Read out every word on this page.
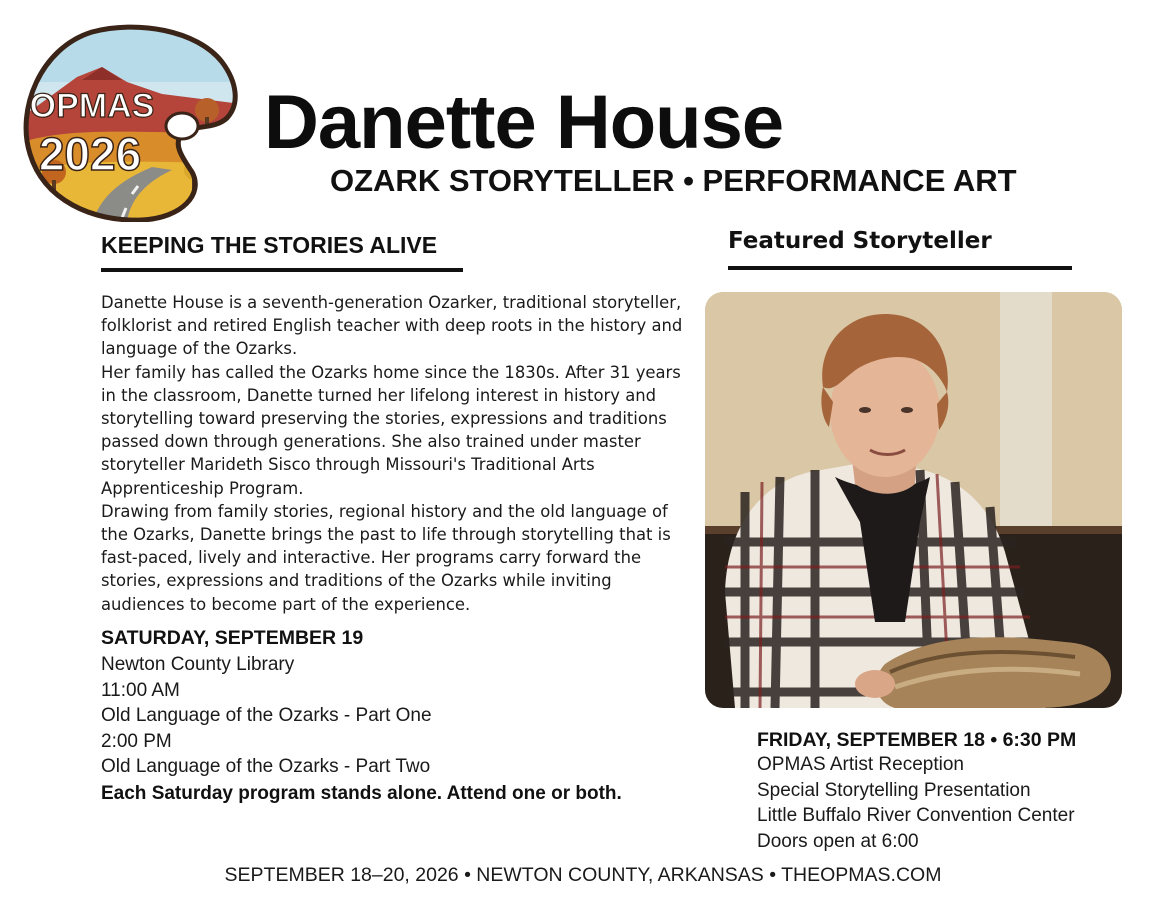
OPMAS
2026 Danette House
OZARK STORYTELLER • PERFORMANCE ART
KEEPING THE STORIES ALIVE

Danette House is a seventh-generation Ozarker, traditional storyteller, folklorist and retired English teacher with deep roots in the history and language of the Ozarks.

Her family has called the Ozarks home since the 1830s. After 31 years in the classroom, Danette turned her lifelong interest in history and storytelling toward preserving the stories, expressions and traditions passed down through generations. She also trained under master storyteller Marideth Sisco through Missouri's Traditional Arts Apprenticeship Program.

Drawing from family stories, regional history and the old language of the Ozarks, Danette brings the past to life through storytelling that is fast-paced, lively and interactive. Her programs carry forward the stories, expressions and traditions of the Ozarks while inviting audiences to become part of the experience.

SATURDAY, SEPTEMBER 19
Newton County Library
11:00 AM
Old Language of the Ozarks - Part One
2:00 PM
Old Language of the Ozarks - Part Two
Each Saturday program stands alone. Attend one or both.
Featured Storyteller
FRIDAY, SEPTEMBER 18 • 6:30 PM
OPMAS Artist Reception
Special Storytelling Presentation
Little Buffalo River Convention Center
Doors open at 6:00
SEPTEMBER 18–20, 2026 • NEWTON COUNTY, ARKANSAS • THEOPMAS.COM
